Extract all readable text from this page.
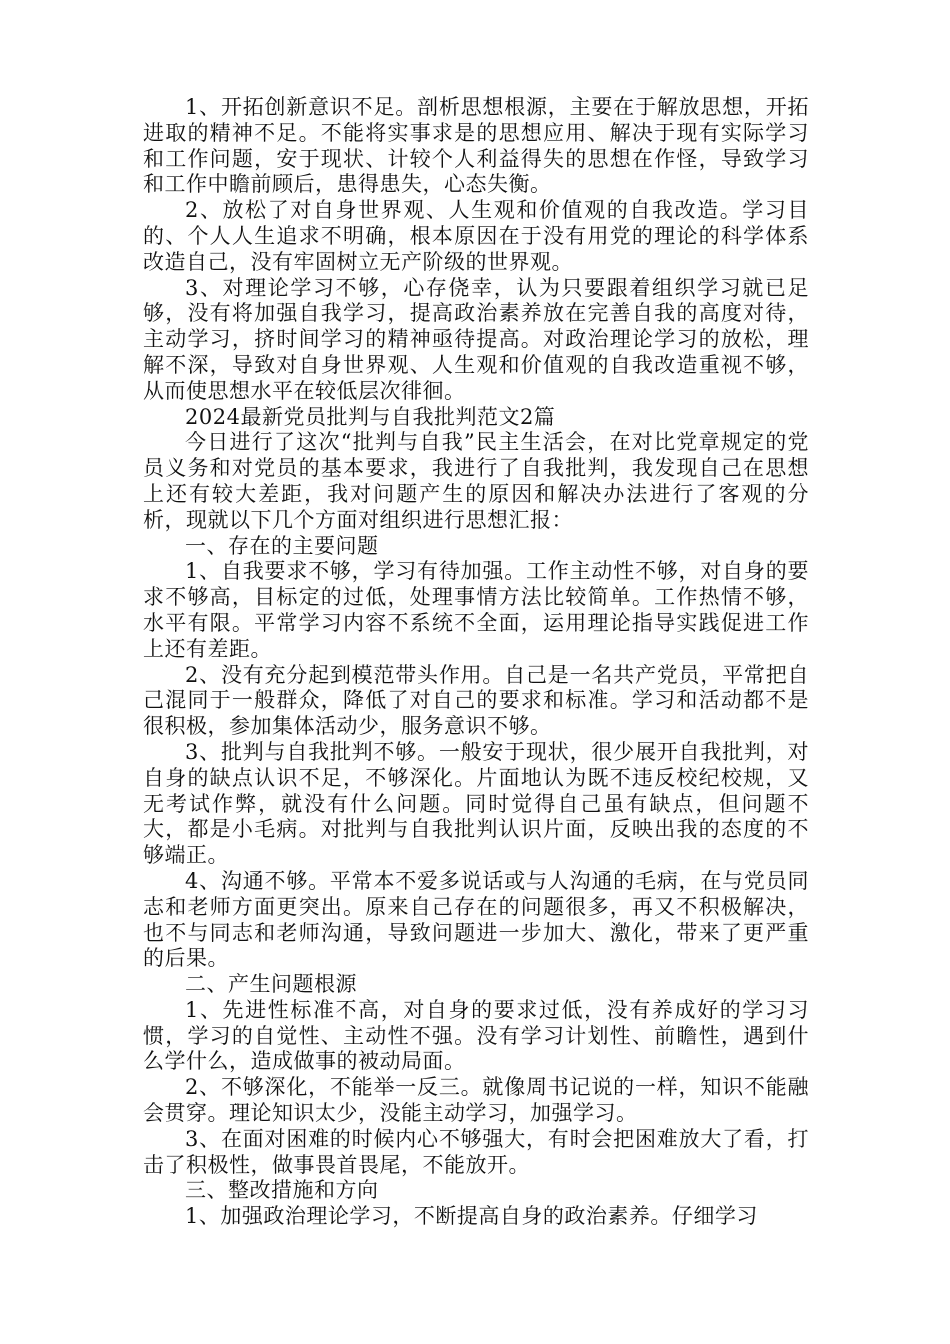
1、开拓创新意识不足。剖析思想根源，主要在于解放思想，开拓进取的精神不足。不能将实事求是的思想应用、解决于现有实际学习和工作问题，安于现状、计较个人利益得失的思想在作怪，导致学习和工作中瞻前顾后，患得患失，心态失衡。

2、放松了对自身世界观、人生观和价值观的自我改造。学习目的、个人人生追求不明确，根本原因在于没有用党的理论的科学体系改造自己，没有牢固树立无产阶级的世界观。

3、对理论学习不够，心存侥幸，认为只要跟着组织学习就已足够，没有将加强自我学习，提高政治素养放在完善自我的高度对待，主动学习，挤时间学习的精神亟待提高。对政治理论学习的放松，理解不深，导致对自身世界观、人生观和价值观的自我改造重视不够，从而使思想水平在较低层次徘徊。

2024最新党员批判与自我批判范文2篇

今日进行了这次“批判与自我”民主生活会，在对比党章规定的党员义务和对党员的基本要求，我进行了自我批判，我发现自己在思想上还有较大差距，我对问题产生的原因和解决办法进行了客观的分析，现就以下几个方面对组织进行思想汇报：

一、存在的主要问题

1、自我要求不够，学习有待加强。工作主动性不够，对自身的要求不够高，目标定的过低，处理事情方法比较简单。工作热情不够，水平有限。平常学习内容不系统不全面，运用理论指导实践促进工作上还有差距。

2、没有充分起到模范带头作用。自己是一名共产党员，平常把自己混同于一般群众，降低了对自己的要求和标准。学习和活动都不是很积极，参加集体活动少，服务意识不够。

3、批判与自我批判不够。一般安于现状，很少展开自我批判，对自身的缺点认识不足，不够深化。片面地认为既不违反校纪校规，又无考试作弊，就没有什么问题。同时觉得自己虽有缺点，但问题不大，都是小毛病。对批判与自我批判认识片面，反映出我的态度的不够端正。

4、沟通不够。平常本不爱多说话或与人沟通的毛病，在与党员同志和老师方面更突出。原来自己存在的问题很多，再又不积极解决，也不与同志和老师沟通，导致问题进一步加大、激化，带来了更严重的后果。

二、产生问题根源

1、先进性标准不高，对自身的要求过低，没有养成好的学习习惯，学习的自觉性、主动性不强。没有学习计划性、前瞻性，遇到什么学什么，造成做事的被动局面。

2、不够深化，不能举一反三。就像周书记说的一样，知识不能融会贯穿。理论知识太少，没能主动学习，加强学习。

3、在面对困难的时候内心不够强大，有时会把困难放大了看，打击了积极性，做事畏首畏尾，不能放开。

三、整改措施和方向

1、加强政治理论学习，不断提高自身的政治素养。仔细学习
